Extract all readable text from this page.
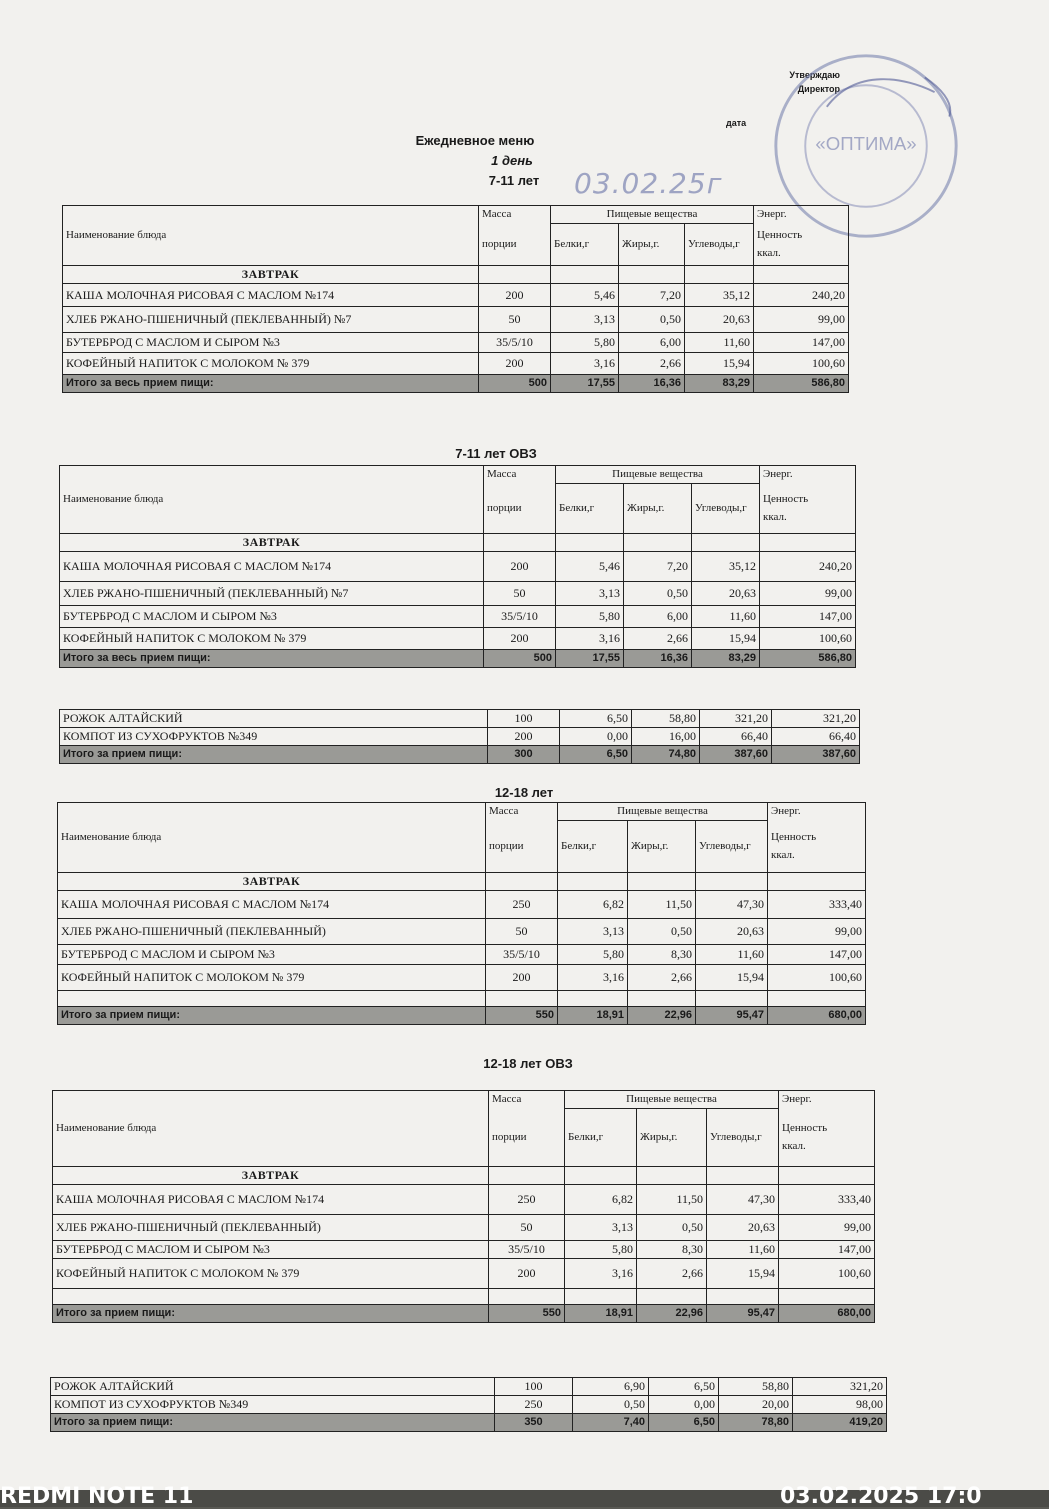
Утверждаю
Директор
дата
«ОПТИМА»
03.02.25г
Ежедневное меню
1 день
7-11 лет
Наименование блюда	Масса	Пищевые вещества			Энерг.
	порции	Белки,г	Жиры,г.	Углеводы,г	Ценность
ккал.

ЗАВТРАК					
КАША МОЛОЧНАЯ РИСОВАЯ С МАСЛОМ №174	200	5,46	7,20	35,12	240,20
ХЛЕБ РЖАНО-ПШЕНИЧНЫЙ (ПЕКЛЕВАННЫЙ) №7	50	3,13	0,50	20,63	99,00
БУТЕРБРОД С МАСЛОМ И СЫРОМ №3	35/5/10	5,80	6,00	11,60	147,00
КОФЕЙНЫЙ НАПИТОК С МОЛОКОМ № 379	200	3,16	2,66	15,94	100,60
Итого за весь прием пищи:	500	17,55	16,36	83,29	586,80
7-11 лет ОВЗ
Наименование блюда	Масса	Пищевые вещества			Энерг.
	порции	Белки,г	Жиры,г.	Углеводы,г	Ценность
ккал.

ЗАВТРАК					
КАША МОЛОЧНАЯ РИСОВАЯ С МАСЛОМ №174	200	5,46	7,20	35,12	240,20
ХЛЕБ РЖАНО-ПШЕНИЧНЫЙ (ПЕКЛЕВАННЫЙ) №7	50	3,13	0,50	20,63	99,00
БУТЕРБРОД С МАСЛОМ И СЫРОМ №3	35/5/10	5,80	6,00	11,60	147,00
КОФЕЙНЫЙ НАПИТОК С МОЛОКОМ № 379	200	3,16	2,66	15,94	100,60
Итого за весь прием пищи:	500	17,55	16,36	83,29	586,80
РОЖОК АЛТАЙСКИЙ	100	6,50	58,80	321,20	321,20
КОМПОТ ИЗ СУХОФРУКТОВ №349	200	0,00	16,00	66,40	66,40
Итого за прием пищи:	300	6,50	74,80	387,60	387,60
12-18 лет
Наименование блюда	Масса	Пищевые вещества			Энерг.
	порции	Белки,г	Жиры,г.	Углеводы,г	Ценность
ккал.

ЗАВТРАК					
КАША МОЛОЧНАЯ РИСОВАЯ С МАСЛОМ №174	250	6,82	11,50	47,30	333,40
ХЛЕБ РЖАНО-ПШЕНИЧНЫЙ (ПЕКЛЕВАННЫЙ)	50	3,13	0,50	20,63	99,00
БУТЕРБРОД С МАСЛОМ И СЫРОМ №3	35/5/10	5,80	8,30	11,60	147,00
КОФЕЙНЫЙ НАПИТОК С МОЛОКОМ № 379	200	3,16	2,66	15,94	100,60

Итого за прием пищи:	550	18,91	22,96	95,47	680,00
12-18 лет ОВЗ
Наименование блюда	Масса	Пищевые вещества			Энерг.
	порции	Белки,г	Жиры,г.	Углеводы,г	Ценность
ккал.

ЗАВТРАК					
КАША МОЛОЧНАЯ РИСОВАЯ С МАСЛОМ №174	250	6,82	11,50	47,30	333,40
ХЛЕБ РЖАНО-ПШЕНИЧНЫЙ (ПЕКЛЕВАННЫЙ)	50	3,13	0,50	20,63	99,00
БУТЕРБРОД С МАСЛОМ И СЫРОМ №3	35/5/10	5,80	8,30	11,60	147,00
КОФЕЙНЫЙ НАПИТОК С МОЛОКОМ № 379	200	3,16	2,66	15,94	100,60

Итого за прием пищи:	550	18,91	22,96	95,47	680,00
РОЖОК АЛТАЙСКИЙ	100	6,90	6,50	58,80	321,20
КОМПОТ ИЗ СУХОФРУКТОВ №349	250	0,50	0,00	20,00	98,00
Итого за прием пищи:	350	7,40	6,50	78,80	419,20
REDMI NOTE 11	03.02.2025 17:0
